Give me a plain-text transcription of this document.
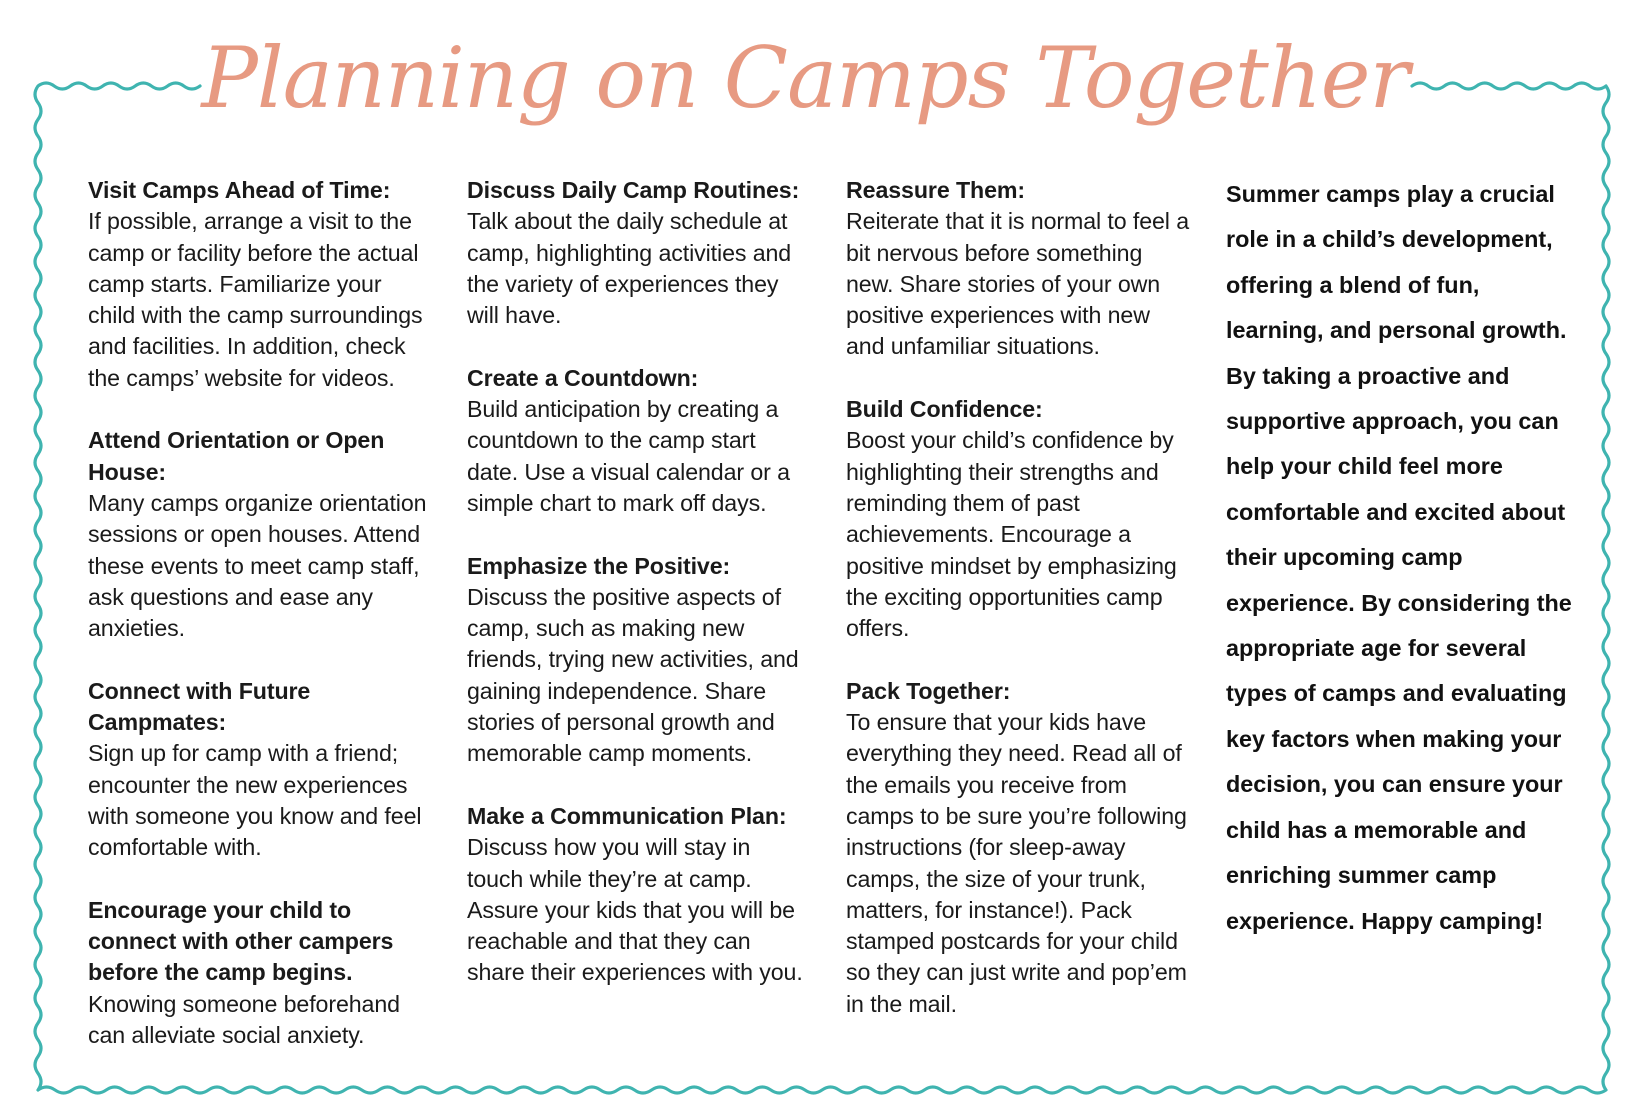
Planning on Camps Together
Visit Camps Ahead of Time:
If possible, arrange a visit to the camp or facility before the actual camp starts. Familiarize your child with the camp surroundings and facilities. In addition, check the camps’ website for videos.
Attend Orientation or Open House:
Many camps organize orientation sessions or open houses. Attend these events to meet camp staff, ask questions and ease any anxieties.
Connect with Future Campmates:
Sign up for camp with a friend; encounter the new experiences with someone you know and feel comfortable with.
Encourage your child to connect with other campers before the camp begins.
Knowing someone beforehand can alleviate social anxiety.
Discuss Daily Camp Routines:
Talk about the daily schedule at camp, highlighting activities and the variety of experiences they will have.
Create a Countdown:
Build anticipation by creating a countdown to the camp start date. Use a visual calendar or a simple chart to mark off days.
Emphasize the Positive:
Discuss the positive aspects of camp, such as making new friends, trying new activities, and gaining independence. Share stories of personal growth and memorable camp moments.
Make a Communication Plan:
Discuss how you will stay in touch while they’re at camp. Assure your kids that you will be reachable and that they can share their experiences with you.
Reassure Them:
Reiterate that it is normal to feel a bit nervous before something new. Share stories of your own positive experiences with new and unfamiliar situations.
Build Confidence:
Boost your child’s confidence by highlighting their strengths and reminding them of past achievements. Encourage a positive mindset by emphasizing the exciting opportunities camp offers.
Pack Together:
To ensure that your kids have everything they need. Read all of the emails you receive from camps to be sure you’re following instructions (for sleep-away camps, the size of your trunk, matters, for instance!). Pack stamped postcards for your child so they can just write and pop’em in the mail.

Summer camps play a crucial role in a child’s development, offering a blend of fun, learning, and personal growth. By taking a proactive and supportive approach, you can help your child feel more comfortable and excited about their upcoming camp experience. By considering the appropriate age for several types of camps and evaluating key factors when making your decision, you can ensure your child has a memorable and enriching summer camp experience. Happy camping!
